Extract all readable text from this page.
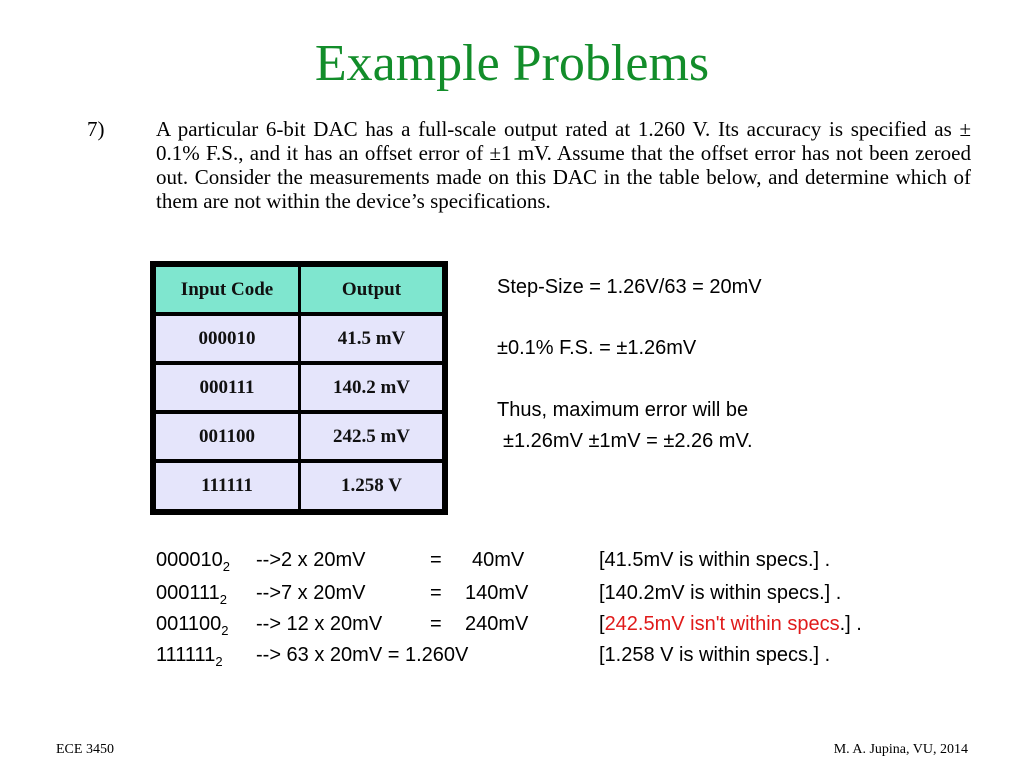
Example Problems
7) A particular 6-bit DAC has a full-scale output rated at 1.260 V. Its accuracy is specified as ± 0.1% F.S., and it has an offset error of ±1 mV. Assume that the offset error has not been zeroed out. Consider the measurements made on this DAC in the table below, and determine which of them are not within the device’s specifications.
Input Code	Output
000010	41.5 mV
000111	140.2 mV
001100	242.5 mV
111111	1.258 V
Step-Size = 1.26V/63 = 20mV
±0.1% F.S. = ±1.26mV
Thus, maximum error will be
±1.26mV ±1mV = ±2.26 mV.
$000010_2$ -->2 x 20mV	= 40mV	[41.5mV is within specs.] .
$000111_2$ -->7 x 20mV	= 140mV	[140.2mV is within specs.] .
$001100_2$ --> 12 x 20mV = 240mV	[242.5mV isn't within specs.] .
$111111_2$ --> 63 x 20mV = 1.260V	[1.258 V is within specs.] .
ECE 3450	M. A. Jupina, VU, 2014
